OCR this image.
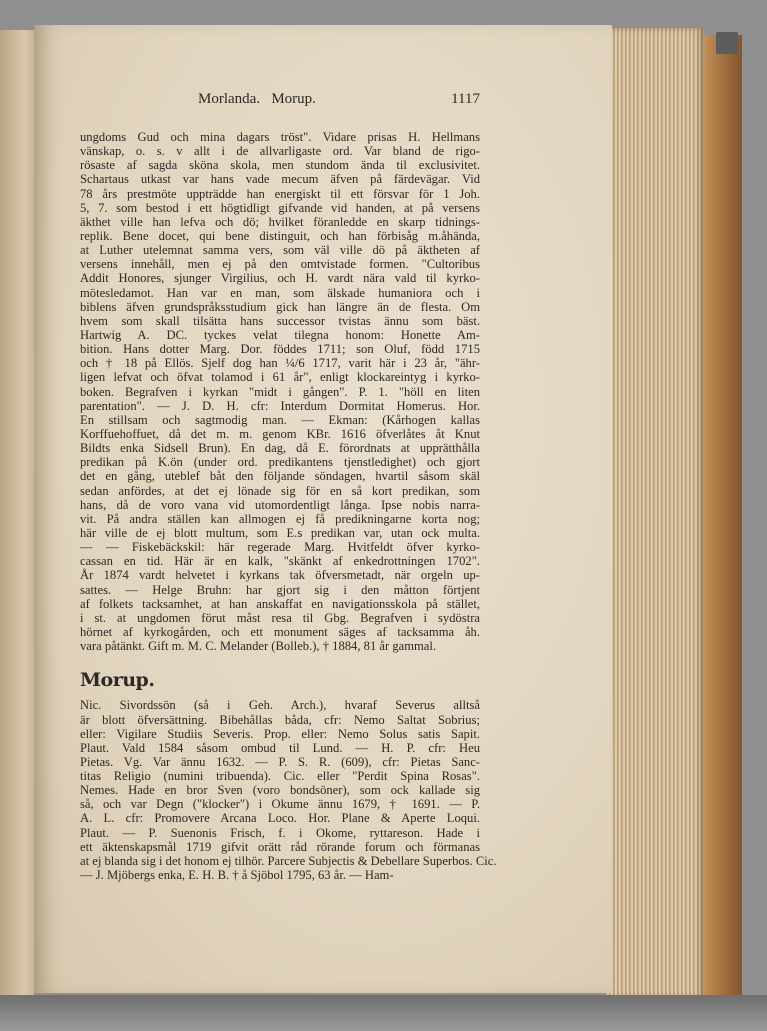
Morlanda.   Morup.	1117
ungdoms Gud och mina dagars tröst". Vidare prisas H. Hellmans
vänskap, o. s. v allt i de allvarligaste ord. Var bland de rigo-
rösaste af sagda sköna skola, men stundom ända til exclusivitet.
Schartaus utkast var hans vade mecum äfven på färdevägar. Vid
78 års prestmöte uppträdde han energiskt til ett försvar för 1 Joh.
5, 7. som bestod i ett högtidligt gifvande vid handen, at på versens
äkthet ville han lefva och dö; hvilket föranledde en skarp tidnings-
replik. Bene docet, qui bene distinguit, och han förbisåg m.åhända,
at Luther utelemnat samma vers, som väl ville dö på äktheten af
versens innehåll, men ej på den omtvistade formen. "Cultoribus
Addit Honores, sjunger Virgilius, och H. vardt nära vald til kyrko-
mötesledamot. Han var en man, som älskade humaniora och i
biblens äfven grundspråksstudium gick han längre än de flesta. Om
hvem som skall tilsätta hans successor tvistas ännu som bäst.
Hartwig A. DC. tyckes velat tilegna honom: Honette Am-
bition. Hans dotter Marg. Dor. föddes 1711; son Oluf, född 1715
och † 18 på Ellös. Sjelf dog han ¼/6 1717, varit här i 23 år, "ähr-
ligen lefvat och öfvat tolamod i 61 år", enligt klockareintyg i kyrko-
boken. Begrafven i kyrkan "midt i gången". P. 1. "höll en liten
parentation". — J. D. H. cfr: Interdum Dormitat Homerus. Hor.
En stillsam och sagtmodig man. — Ekman: (Kårhogen kallas
Korffuehoffuet, då det m. m. genom KBr. 1616 öfverlåtes åt Knut
Bildts enka Sidsell Brun). En dag, då E. förordnats at upprätthålla
predikan på K.ön (under ord. predikantens tjenstledighet) och gjort
det en gång, uteblef båt den följande söndagen, hvartil såsom skäl
sedan anfördes, at det ej lönade sig för en så kort predikan, som
hans, då de voro vana vid utomordentligt långa. Ipse nobis narra-
vit. På andra ställen kan allmogen ej få predikningarne korta nog;
här ville de ej blott multum, som E.s predikan var, utan ock multa.
— — Fiskebäckskil: här regerade Marg. Hvitfeldt öfver kyrko-
cassan en tid. Här är en kalk, "skänkt af enkedrottningen 1702".
År 1874 vardt helvetet i kyrkans tak öfversmetadt, när orgeln up-
sattes. — Helge Bruhn: har gjort sig i den måtton förtjent
af folkets tacksamhet, at han anskaffat en navigationsskola på stället,
i st. at ungdomen förut måst resa til Gbg. Begrafven i sydöstra
hörnet af kyrkogården, och ett monument säges af tacksamma åh.
vara påtänkt. Gift m. M. C. Melander (Bolleb.), † 1884, 81 år gammal.
Morup.
Nic. Sivordssön (så i Geh. Arch.), hvaraf Severus alltså
är blott öfversättning. Bibehållas båda, cfr: Nemo Saltat Sobrius;
eller: Vigilare Studiis Severis. Prop. eller: Nemo Solus satis Sapit.
Plaut. Vald 1584 såsom ombud til Lund. — H. P. cfr: Heu
Pietas. Vg. Var ännu 1632. — P. S. R. (609), cfr: Pietas Sanc-
titas Religio (numini tribuenda). Cic. eller "Perdit Spina Rosas".
Nemes. Hade en bror Sven (voro bondsöner), som ock kallade sig
så, och var Degn ("klocker") i Okume ännu 1679, † 1691. — P.
A. L. cfr: Promovere Arcana Loco. Hor. Plane & Aperte Loqui.
Plaut. — P. Suenonis Frisch, f. i Okome, ryttareson. Hade i
ett äktenskapsmål 1719 gifvit orätt råd rörande forum och förmanas
at ej blanda sig i det honom ej tilhör. Parcere Subjectis & Debellare Superbos. Cic.
— J. Mjöbergs enka, E. H. B. † å Sjöbol 1795, 63 år. — Ham-
